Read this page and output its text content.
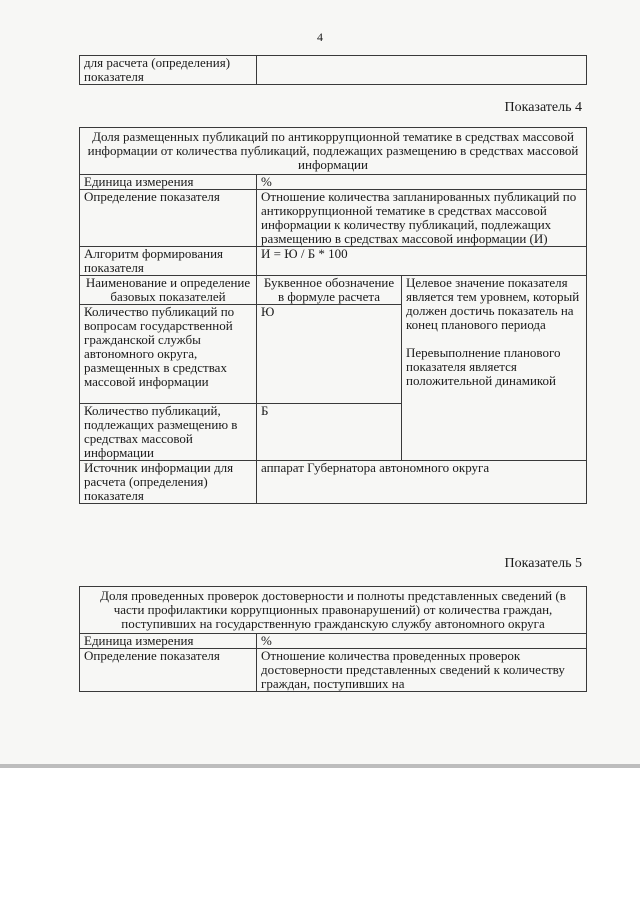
4
для расчета (определения) показателя	
Показатель 4
Доля размещенных публикаций по антикоррупционной тематике в средствах массовой информации от количества публикаций, подлежащих размещению в средствах массовой информации		
Единица измерения	%	
Определение показателя	Отношение количества запланированных публикаций по антикоррупционной тематике в средствах массовой информации к количеству публикаций, подлежащих размещению в средствах массовой информации (И)	
Алгоритм формирования показателя	И = Ю / Б * 100	
Наименование и определение базовых показателей	Буквенное обозначение в формуле расчета	Целевое значение показателя является тем уровнем, который должен достичь показатель на конец планового периода
Перевыполнение планового показателя является положительной динамикой
Количество публикаций по вопросам государственной гражданской службы автономного округа, размещенных в средствах массовой информации	Ю	
Количество публикаций, подлежащих размещению в средствах массовой информации	Б	
Источник информации для расчета (определения) показателя	аппарат Губернатора автономного округа	
Показатель 5
Доля проведенных проверок достоверности и полноты представленных сведений (в части профилактики коррупционных правонарушений) от количества граждан, поступивших на государственную гражданскую службу автономного округа	
Единица измерения	%
Определение показателя	Отношение количества проведенных проверок достоверности представленных сведений к количеству граждан, поступивших на
